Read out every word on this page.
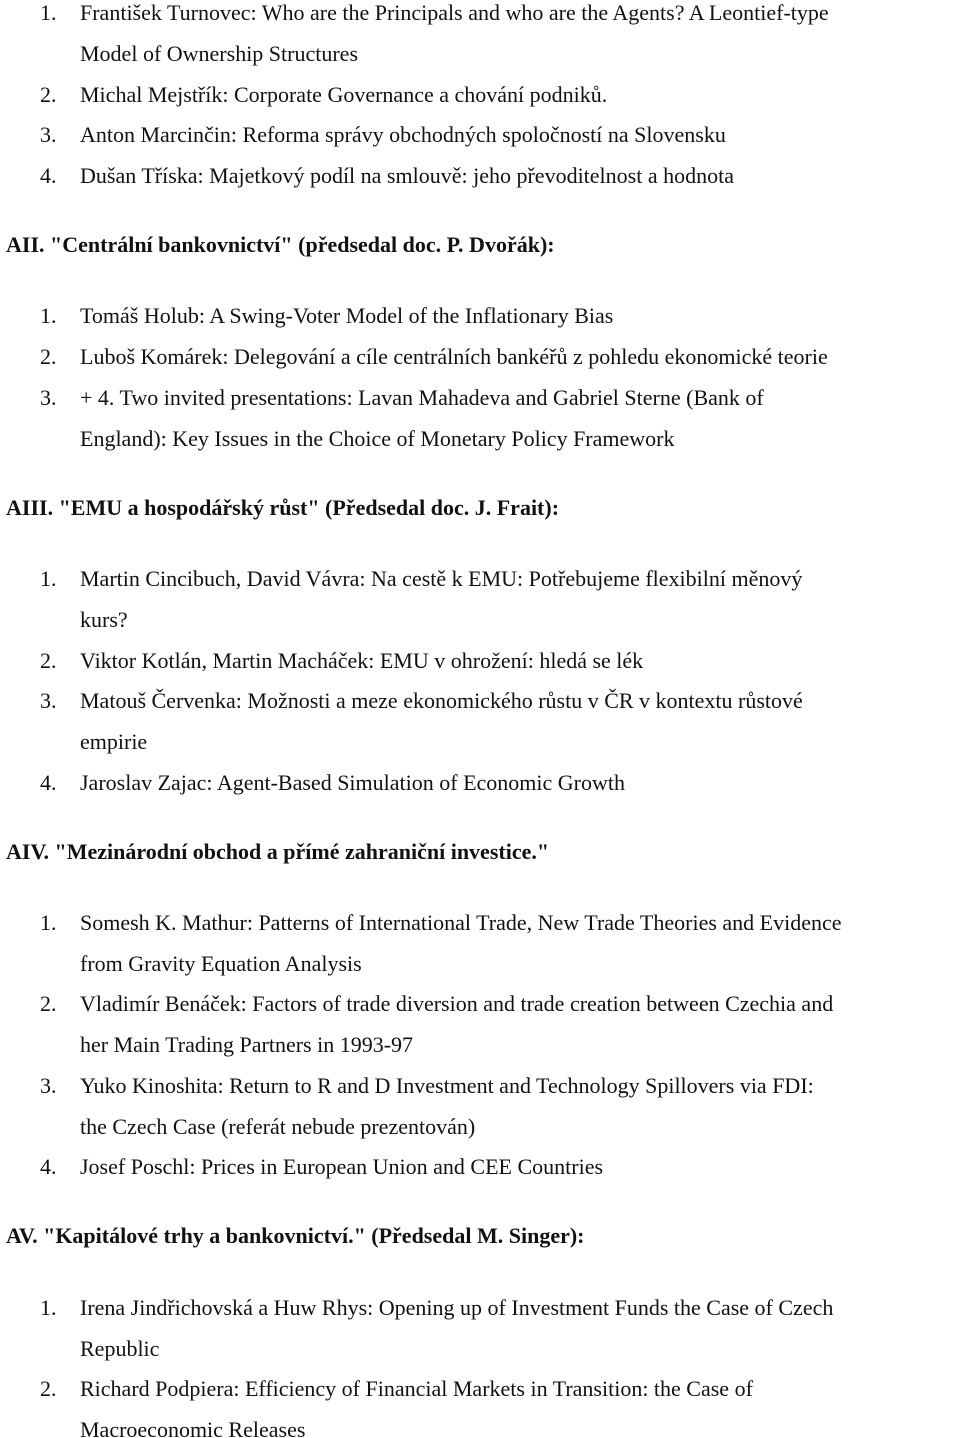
1. František Turnovec: Who are the Principals and who are the Agents? A Leontief-type
Model of Ownership Structures
2. Michal Mejstřík: Corporate Governance a chování podniků.
3. Anton Marcinčin: Reforma správy obchodných spoločností na Slovensku
4. Dušan Tříska: Majetkový podíl na smlouvě: jeho převoditelnost a hodnota
AII. "Centrální bankovnictví" (předsedal doc. P. Dvořák):
1. Tomáš Holub: A Swing-Voter Model of the Inflationary Bias
2. Luboš Komárek: Delegování a cíle centrálních bankéřů z pohledu ekonomické teorie
3. + 4. Two invited presentations: Lavan Mahadeva and Gabriel Sterne (Bank of
England): Key Issues in the Choice of Monetary Policy Framework
AIII. "EMU a hospodářský růst" (Předsedal doc. J. Frait):
1. Martin Cincibuch, David Vávra: Na cestě k EMU: Potřebujeme flexibilní měnový
kurs?
2. Viktor Kotlán, Martin Macháček: EMU v ohrožení: hledá se lék
3. Matouš Červenka: Možnosti a meze ekonomického růstu v ČR v kontextu růstové
empirie
4. Jaroslav Zajac: Agent-Based Simulation of Economic Growth
AIV. "Mezinárodní obchod a přímé zahraniční investice."
1. Somesh K. Mathur: Patterns of International Trade, New Trade Theories and Evidence
from Gravity Equation Analysis
2. Vladimír Benáček: Factors of trade diversion and trade creation between Czechia and
her Main Trading Partners in 1993-97
3. Yuko Kinoshita: Return to R and D Investment and Technology Spillovers via FDI:
the Czech Case (referát nebude prezentován)
4. Josef Poschl: Prices in European Union and CEE Countries
AV. "Kapitálové trhy a bankovnictví." (Předsedal M. Singer):
1. Irena Jindřichovská a Huw Rhys: Opening up of Investment Funds the Case of Czech
Republic
2. Richard Podpiera: Efficiency of Financial Markets in Transition: the Case of
Macroeconomic Releases
